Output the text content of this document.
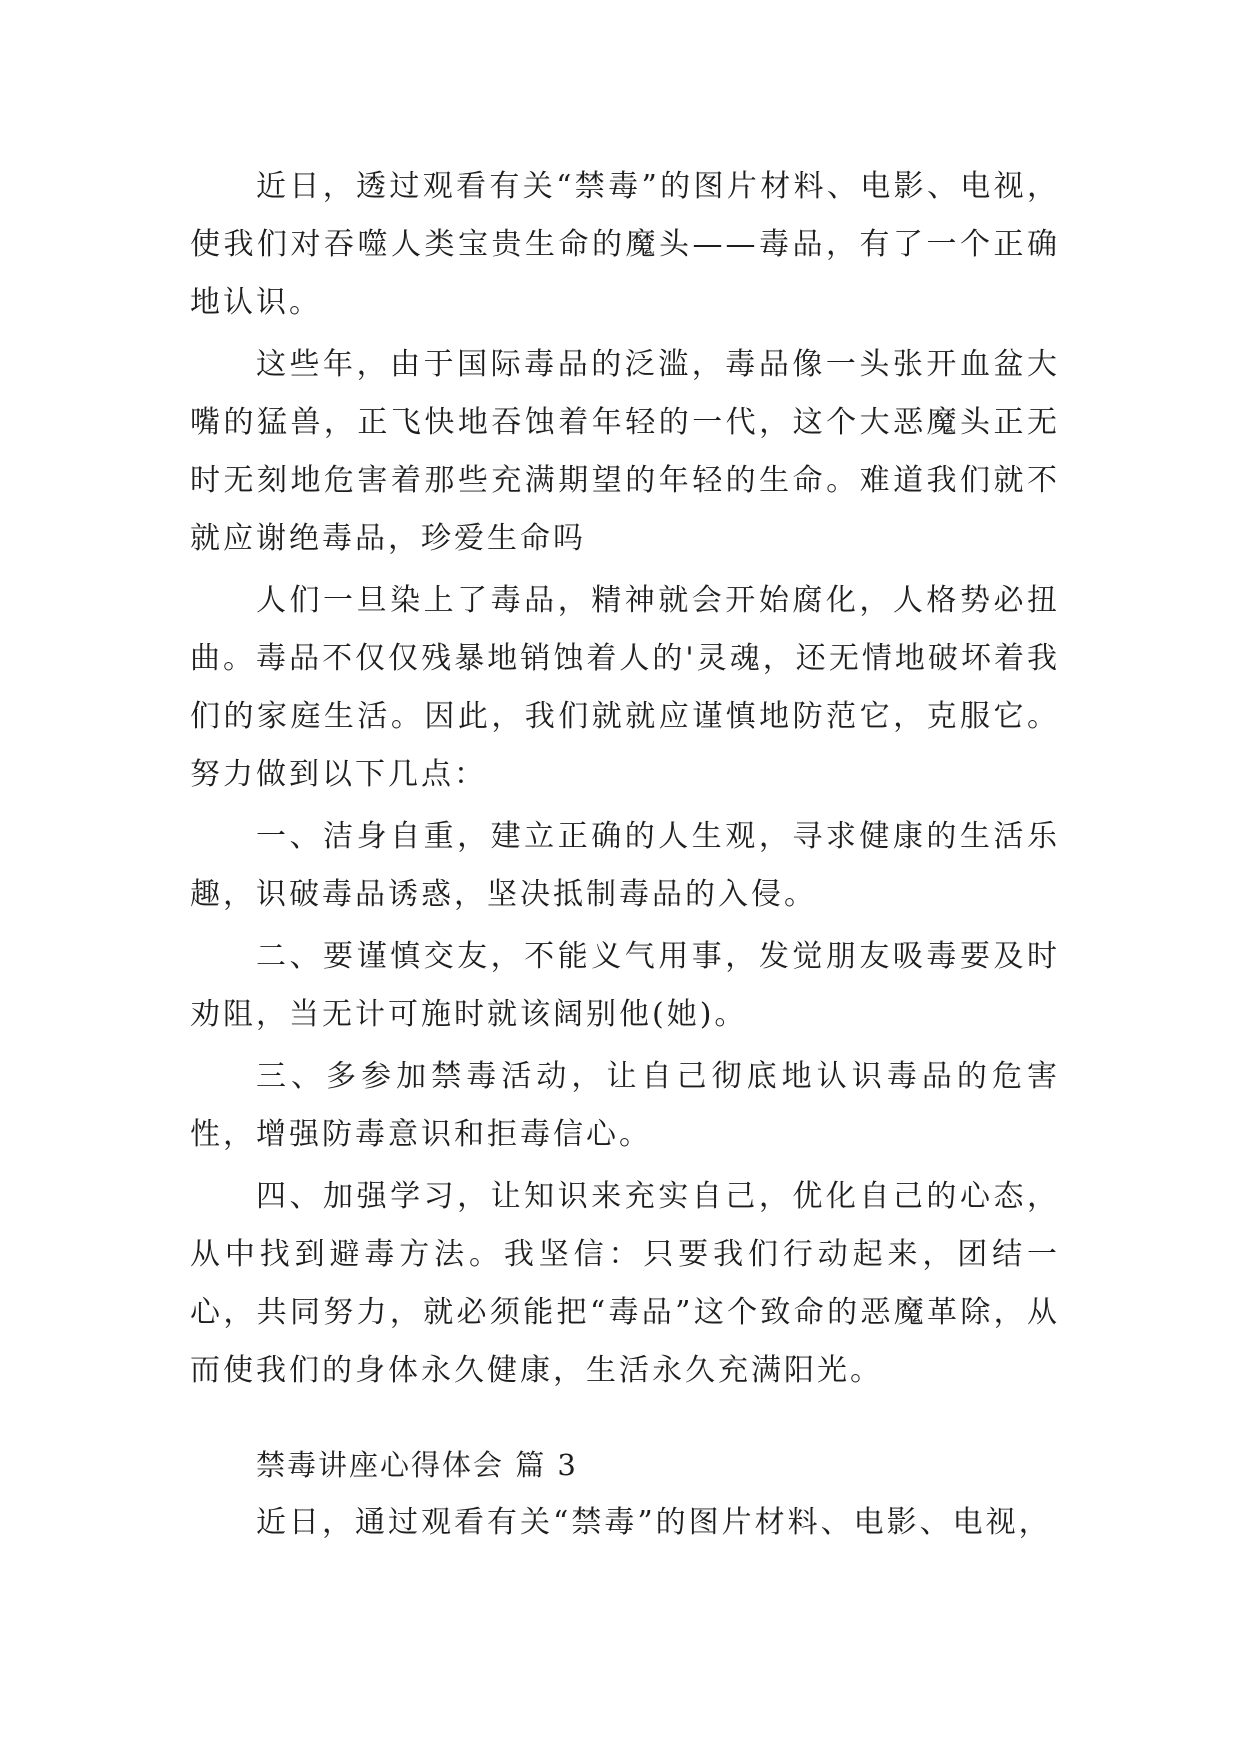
近日，透过观看有关“禁毒”的图片材料、电影、电视，使我们对吞噬人类宝贵生命的魔头——毒品，有了一个正确地认识。

这些年，由于国际毒品的泛滥，毒品像一头张开血盆大嘴的猛兽，正飞快地吞蚀着年轻的一代，这个大恶魔头正无时无刻地危害着那些充满期望的年轻的生命。难道我们就不就应谢绝毒品，珍爱生命吗

人们一旦染上了毒品，精神就会开始腐化，人格势必扭曲。毒品不仅仅残暴地销蚀着人的'灵魂，还无情地破坏着我们的家庭生活。因此，我们就就应谨慎地防范它，克服它。努力做到以下几点：

一、洁身自重，建立正确的人生观，寻求健康的生活乐趣，识破毒品诱惑，坚决抵制毒品的入侵。

二、要谨慎交友，不能义气用事，发觉朋友吸毒要及时劝阻，当无计可施时就该阔别他(她)。

三、多参加禁毒活动，让自己彻底地认识毒品的危害性，增强防毒意识和拒毒信心。

四、加强学习，让知识来充实自己，优化自己的心态，从中找到避毒方法。我坚信：只要我们行动起来，团结一心，共同努力，就必须能把“毒品”这个致命的恶魔革除，从而使我们的身体永久健康，生活永久充满阳光。

禁毒讲座心得体会 篇 3

近日，通过观看有关“禁毒”的图片材料、电影、电视，
